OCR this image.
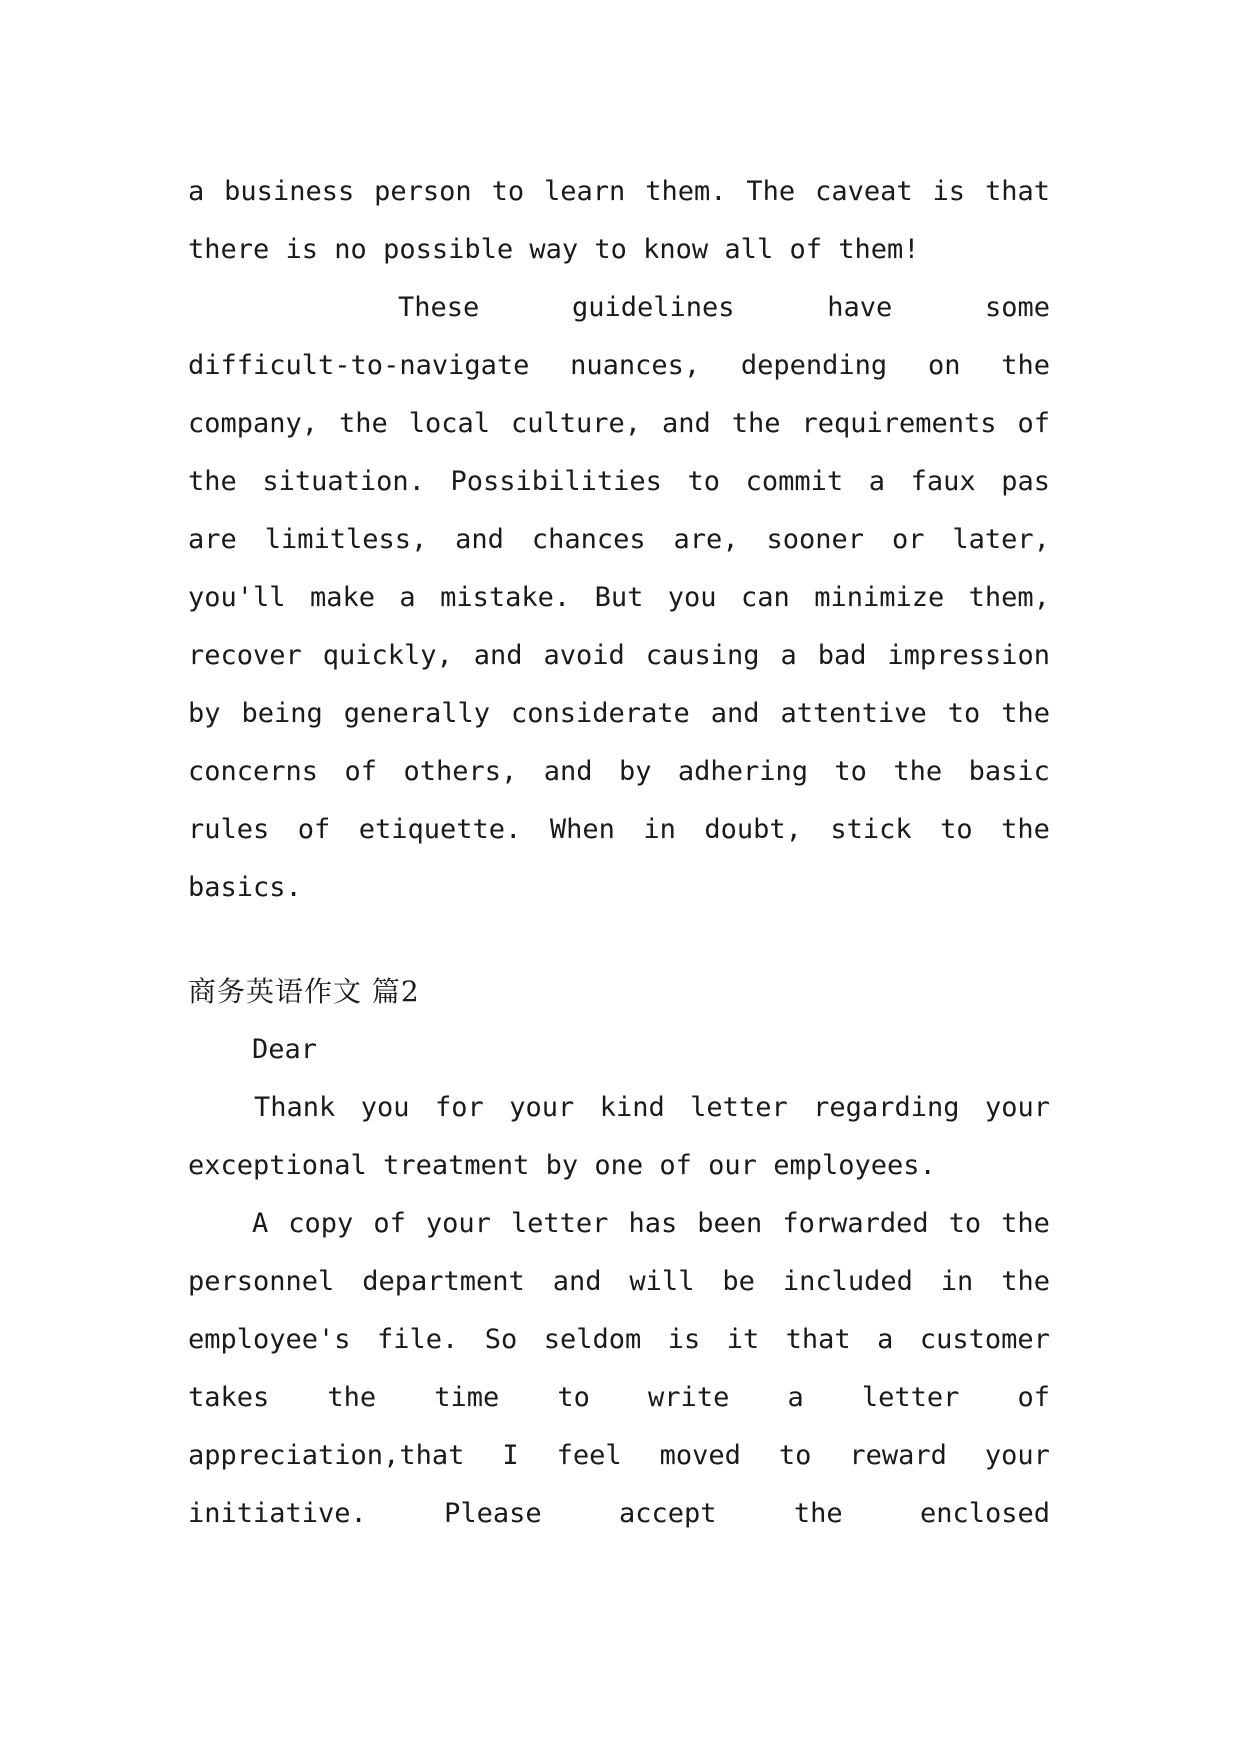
a business person to learn them. The caveat is that
there is no possible way to know all of them!
These	guidelines	have	some
difficult-to-navigate nuances, depending on the
company, the local culture, and the requirements of
the situation. Possibilities to commit a faux pas
are limitless, and chances are, sooner or later,
you'll make a mistake. But you can minimize them,
recover quickly, and avoid causing a bad impression
by being generally considerate and attentive to the
concerns of others, and by adhering to the basic
rules of etiquette. When in doubt, stick to the
basics.
商务英语作文 篇2
Dear
Thank you for your kind letter regarding your
exceptional treatment by one of our employees.
A copy of your letter has been forwarded to the
personnel department and will be included in the
employee's file. So seldom is it that a customer
takes the time to write a letter of
appreciation,that I feel moved to reward your
initiative.	Please	accept	the	enclosed
